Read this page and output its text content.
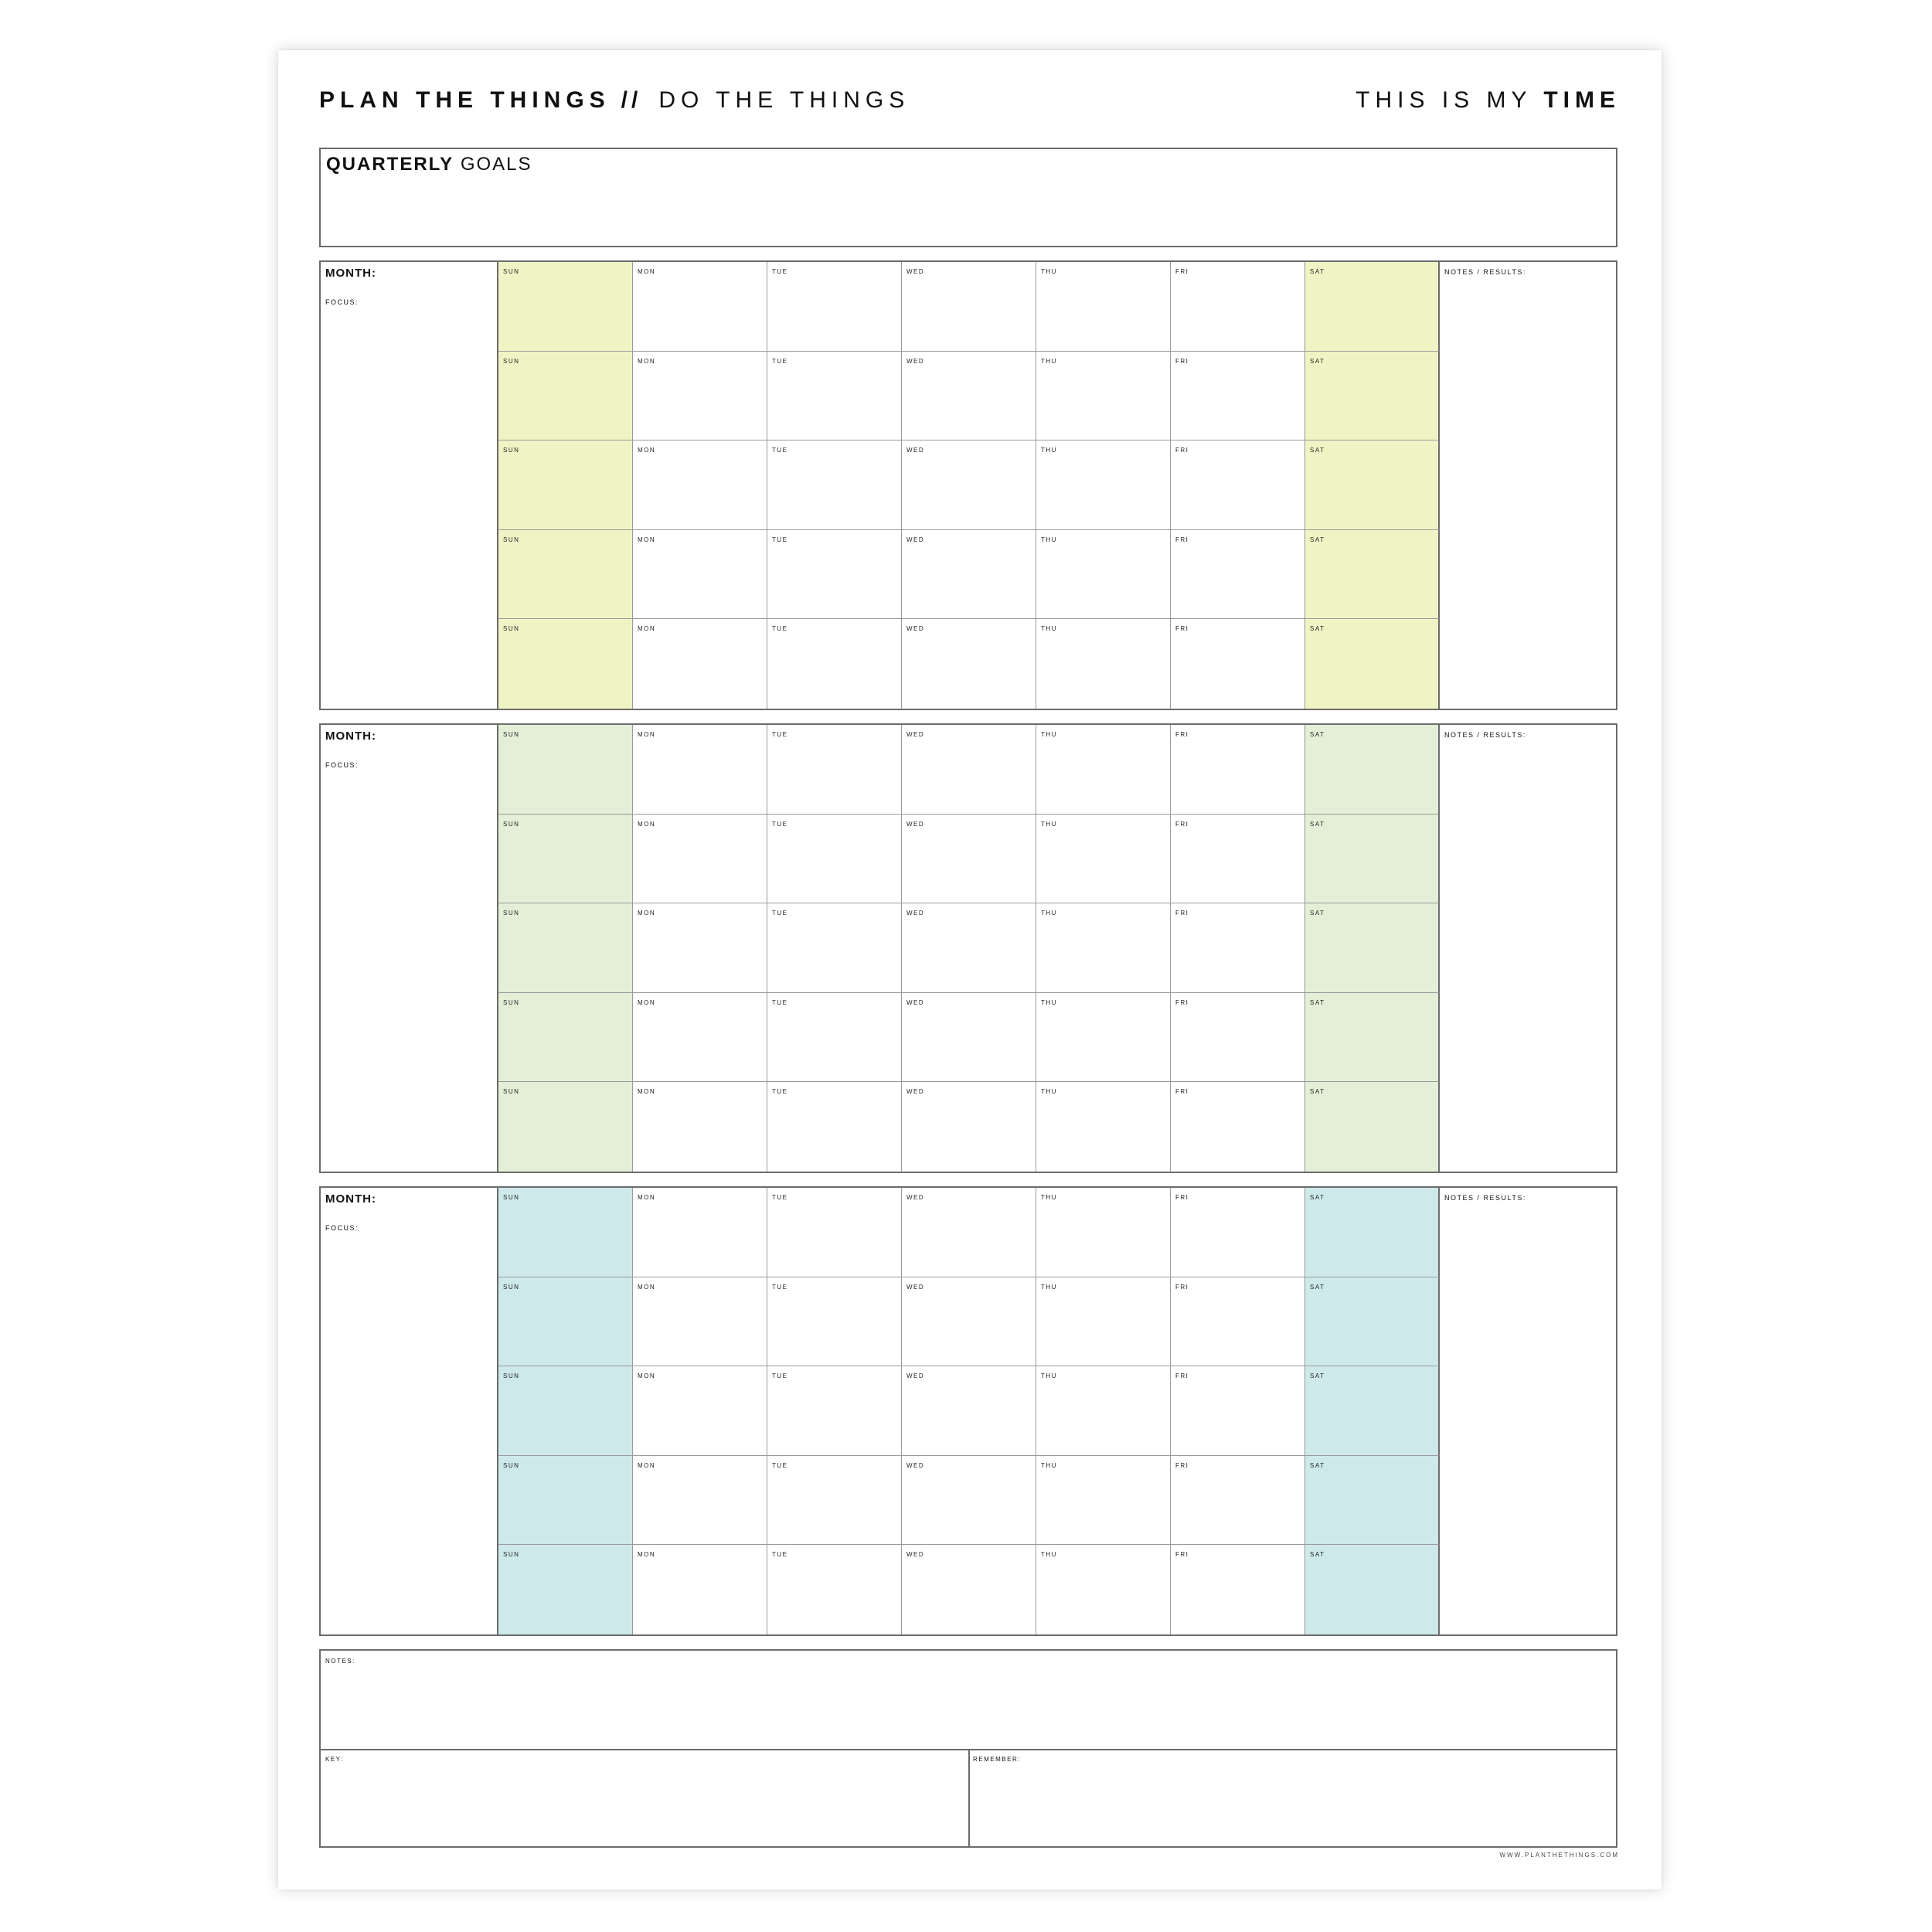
PLAN THE THINGS // DO THE THINGS	THIS IS MY TIME
QUARTERLY GOALS
MONTH:
FOCUS:
SUN	MON	TUE	WED	THU	FRI	SAT
SUN	MON	TUE	WED	THU	FRI	SAT
SUN	MON	TUE	WED	THU	FRI	SAT
SUN	MON	TUE	WED	THU	FRI	SAT
SUN	MON	TUE	WED	THU	FRI	SAT
NOTES / RESULTS:
MONTH:
FOCUS:
SUN	MON	TUE	WED	THU	FRI	SAT
SUN	MON	TUE	WED	THU	FRI	SAT
SUN	MON	TUE	WED	THU	FRI	SAT
SUN	MON	TUE	WED	THU	FRI	SAT
SUN	MON	TUE	WED	THU	FRI	SAT
NOTES / RESULTS:
MONTH:
FOCUS:
SUN	MON	TUE	WED	THU	FRI	SAT
SUN	MON	TUE	WED	THU	FRI	SAT
SUN	MON	TUE	WED	THU	FRI	SAT
SUN	MON	TUE	WED	THU	FRI	SAT
SUN	MON	TUE	WED	THU	FRI	SAT
NOTES / RESULTS:
NOTES:
KEY:	REMEMBER:
WWW.PLANTHETHINGS.COM
